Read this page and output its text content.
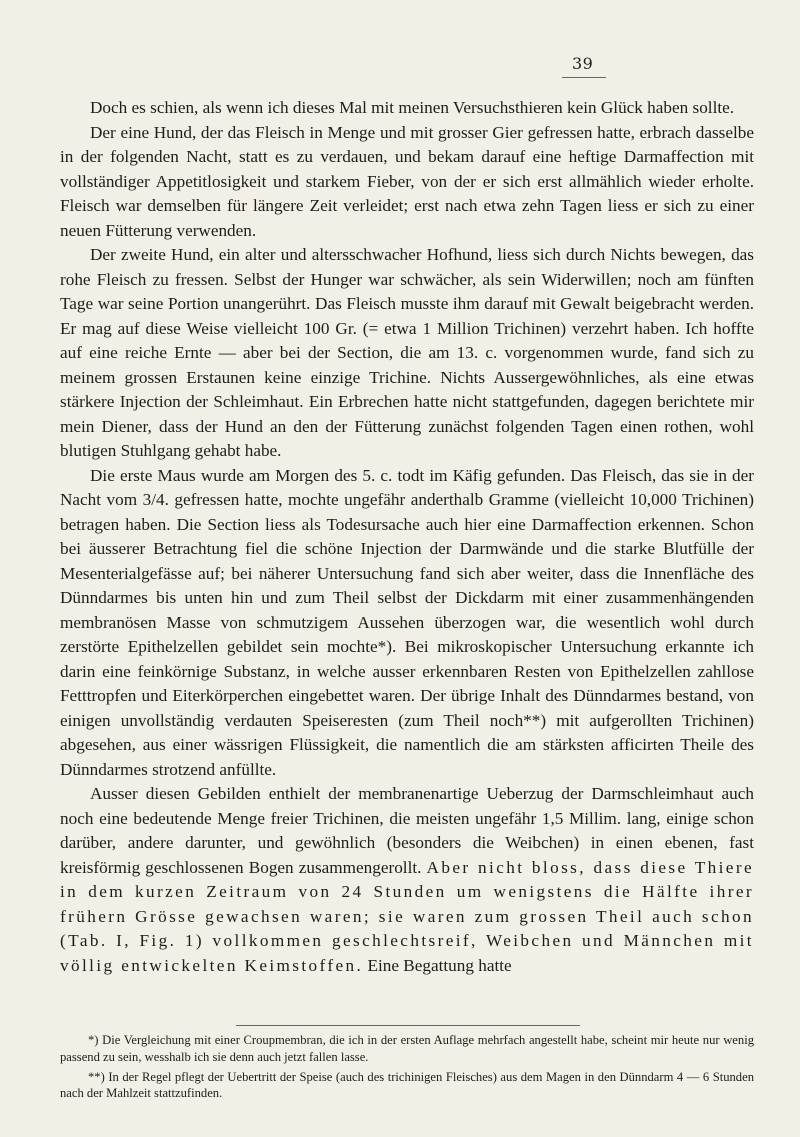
39

Doch es schien, als wenn ich dieses Mal mit meinen Versuchsthieren kein Glück haben sollte.

Der eine Hund, der das Fleisch in Menge und mit grosser Gier gefressen hatte, erbrach dasselbe in der folgenden Nacht, statt es zu verdauen, und bekam darauf eine heftige Darmaffection mit vollständiger Appetitlosigkeit und starkem Fieber, von der er sich erst allmählich wieder erholte. Fleisch war demselben für längere Zeit verleidet; erst nach etwa zehn Tagen liess er sich zu einer neuen Fütterung verwenden.

Der zweite Hund, ein alter und altersschwacher Hofhund, liess sich durch Nichts bewegen, das rohe Fleisch zu fressen. Selbst der Hunger war schwächer, als sein Widerwillen; noch am fünften Tage war seine Portion unangerührt. Das Fleisch musste ihm darauf mit Gewalt beigebracht werden. Er mag auf diese Weise vielleicht 100 Gr. (= etwa 1 Million Trichinen) verzehrt haben. Ich hoffte auf eine reiche Ernte — aber bei der Section, die am 13. c. vorgenommen wurde, fand sich zu meinem grossen Erstaunen keine einzige Trichine. Nichts Aussergewöhnliches, als eine etwas stärkere Injection der Schleimhaut. Ein Erbrechen hatte nicht stattgefunden, dagegen berichtete mir mein Diener, dass der Hund an den der Fütterung zunächst folgenden Tagen einen rothen, wohl blutigen Stuhlgang gehabt habe.

Die erste Maus wurde am Morgen des 5. c. todt im Käfig gefunden. Das Fleisch, das sie in der Nacht vom 3/4. gefressen hatte, mochte ungefähr anderthalb Gramme (vielleicht 10,000 Trichinen) betragen haben. Die Section liess als Todesursache auch hier eine Darmaffection erkennen. Schon bei äusserer Betrachtung fiel die schöne Injection der Darmwände und die starke Blutfülle der Mesenterialgefässe auf; bei näherer Untersuchung fand sich aber weiter, dass die Innenfläche des Dünndarmes bis unten hin und zum Theil selbst der Dickdarm mit einer zusammenhängenden membranösen Masse von schmutzigem Aussehen überzogen war, die wesentlich wohl durch zerstörte Epithelzellen gebildet sein mochte*). Bei mikroskopischer Untersuchung erkannte ich darin eine feinkörnige Substanz, in welche ausser erkennbaren Resten von Epithelzellen zahllose Fetttropfen und Eiterkörperchen eingebettet waren. Der übrige Inhalt des Dünndarmes bestand, von einigen unvollständig verdauten Speiseresten (zum Theil noch**) mit aufgerollten Trichinen) abgesehen, aus einer wässrigen Flüssigkeit, die namentlich die am stärksten afficirten Theile des Dünndarmes strotzend anfüllte.

Ausser diesen Gebilden enthielt der membranenartige Ueberzug der Darmschleimhaut auch noch eine bedeutende Menge freier Trichinen, die meisten ungefähr 1,5 Millim. lang, einige schon darüber, andere darunter, und gewöhnlich (besonders die Weibchen) in einen ebenen, fast kreisförmig geschlossenen Bogen zusammengerollt. Aber nicht bloss, dass diese Thiere in dem kurzen Zeitraum von 24 Stunden um wenigstens die Hälfte ihrer frühern Grösse gewachsen waren; sie waren zum grossen Theil auch schon (Tab. I, Fig. 1) vollkommen geschlechtsreif, Weibchen und Männchen mit völlig entwickelten Keimstoffen. Eine Begattung hatte

*) Die Vergleichung mit einer Croupmembran, die ich in der ersten Auflage mehrfach angestellt habe, scheint mir heute nur wenig passend zu sein, wesshalb ich sie denn auch jetzt fallen lasse.

**) In der Regel pflegt der Uebertritt der Speise (auch des trichinigen Fleisches) aus dem Magen in den Dünndarm 4 — 6 Stunden nach der Mahlzeit stattzufinden.
